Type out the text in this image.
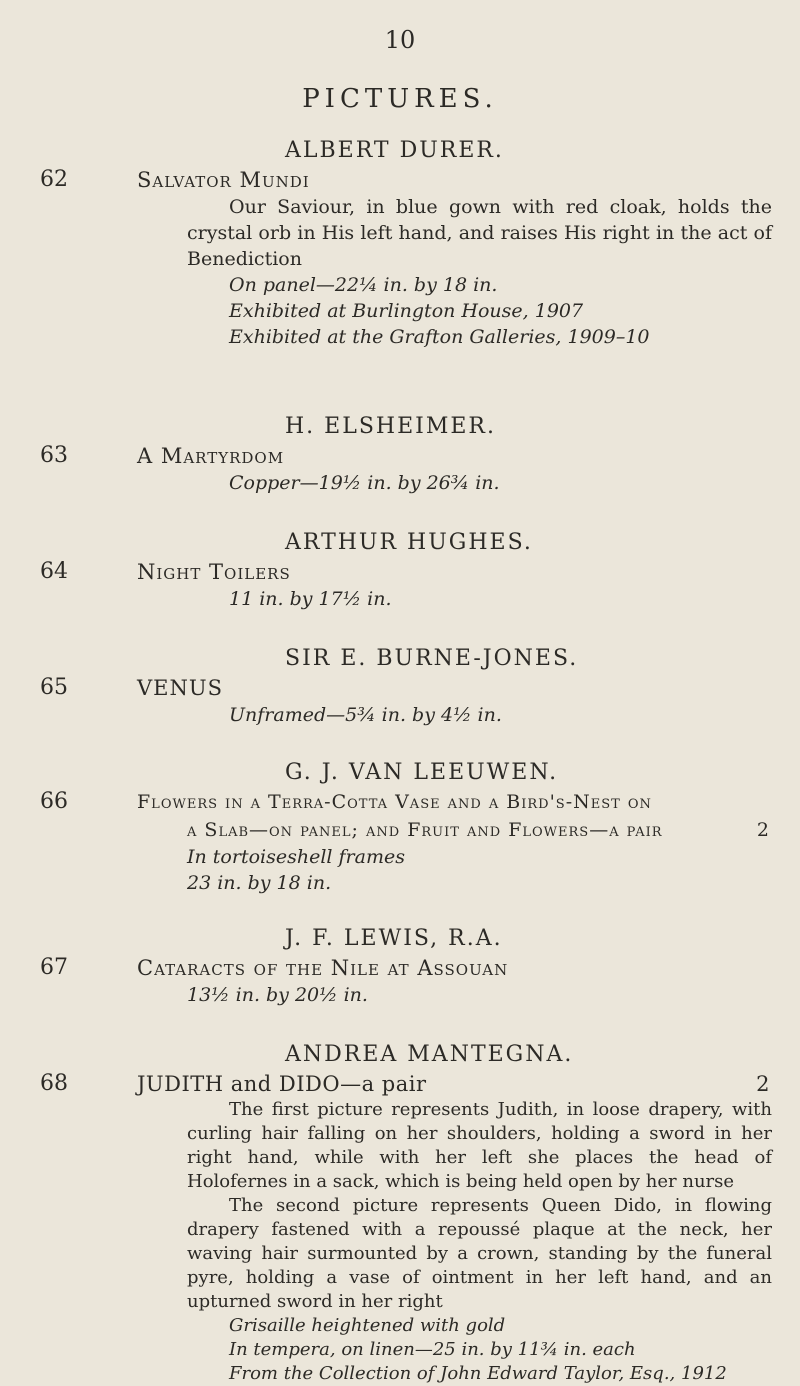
10
PICTURES.
ALBERT DURER.
62	Salvator Mundi
Our Saviour, in blue gown with red cloak, holds the crystal orb in His left hand, and raises His right in the act of Benediction
On panel—22¼ in. by 18 in.
Exhibited at Burlington House, 1907
Exhibited at the Grafton Galleries, 1909–10
H. ELSHEIMER.
63	A Martyrdom
Copper—19½ in. by 26¾ in.
ARTHUR HUGHES.
64	Night Toilers
11 in. by 17½ in.
SIR E. BURNE-JONES.
65	VENUS
Unframed—5¾ in. by 4½ in.
G. J. VAN LEEUWEN.
66	Flowers in a Terra-Cotta Vase and a Bird's-Nest on
a Slab—on panel; and Fruit and Flowers—a pair	2
In tortoiseshell frames
23 in. by 18 in.
J. F. LEWIS, R.A.
67	Cataracts of the Nile at Assouan
13½ in. by 20½ in.
ANDREA MANTEGNA.
68	JUDITH and DIDO—a pair	2
The first picture represents Judith, in loose drapery, with curling hair falling on her shoulders, holding a sword in her right hand, while with her left she places the head of Holofernes in a sack, which is being held open by her nurse
The second picture represents Queen Dido, in flowing drapery fastened with a repoussé plaque at the neck, her waving hair surmounted by a crown, standing by the funeral pyre, holding a vase of ointment in her left hand, and an upturned sword in her right
Grisaille heightened with gold
In tempera, on linen—25 in. by 11¾ in. each
From the Collection of John Edward Taylor, Esq., 1912
